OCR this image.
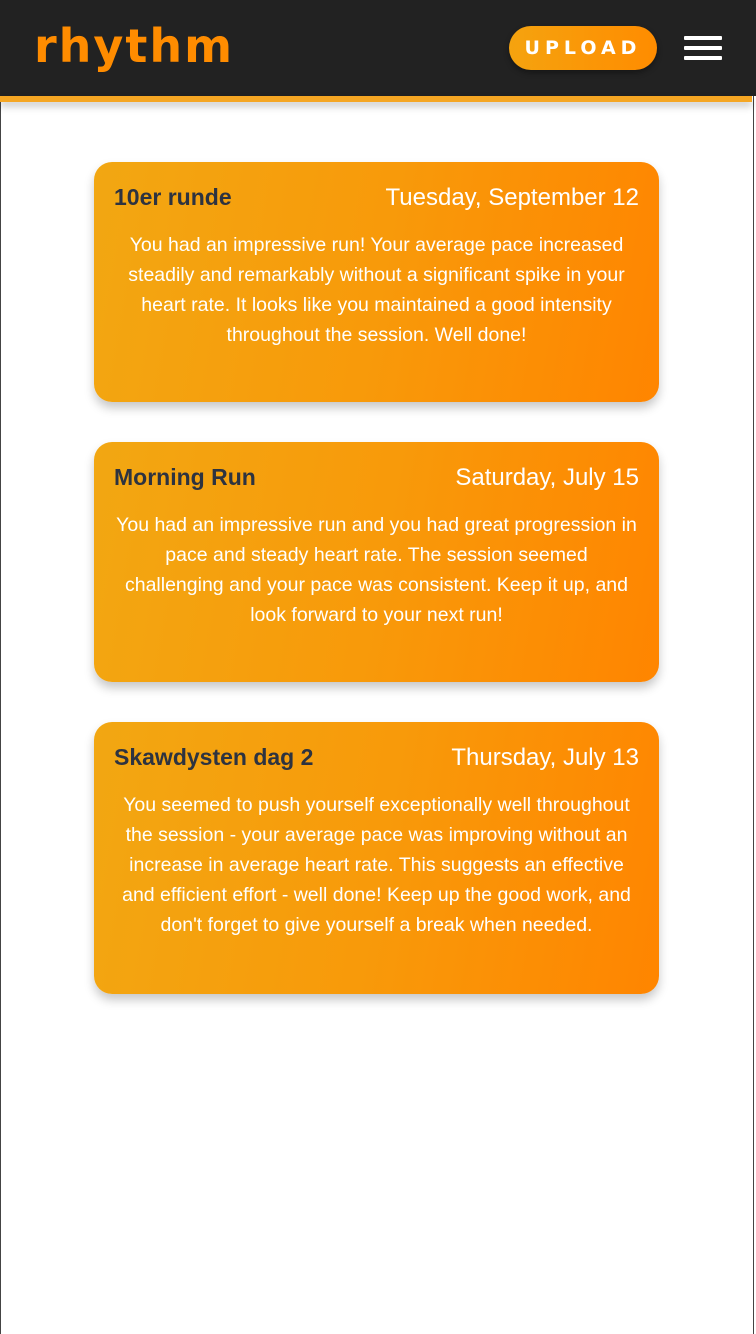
rhythm	UPLOAD
10er runde	Tuesday, September 12

You had an impressive run! Your average pace increased steadily and remarkably without a significant spike in your heart rate. It looks like you maintained a good intensity throughout the session. Well done!

Morning Run	Saturday, July 15

You had an impressive run and you had great progression in pace and steady heart rate. The session seemed challenging and your pace was consistent. Keep it up, and look forward to your next run!

Skawdysten dag 2	Thursday, July 13

You seemed to push yourself exceptionally well throughout the session - your average pace was improving without an increase in average heart rate. This suggests an effective and efficient effort - well done! Keep up the good work, and don't forget to give yourself a break when needed.
